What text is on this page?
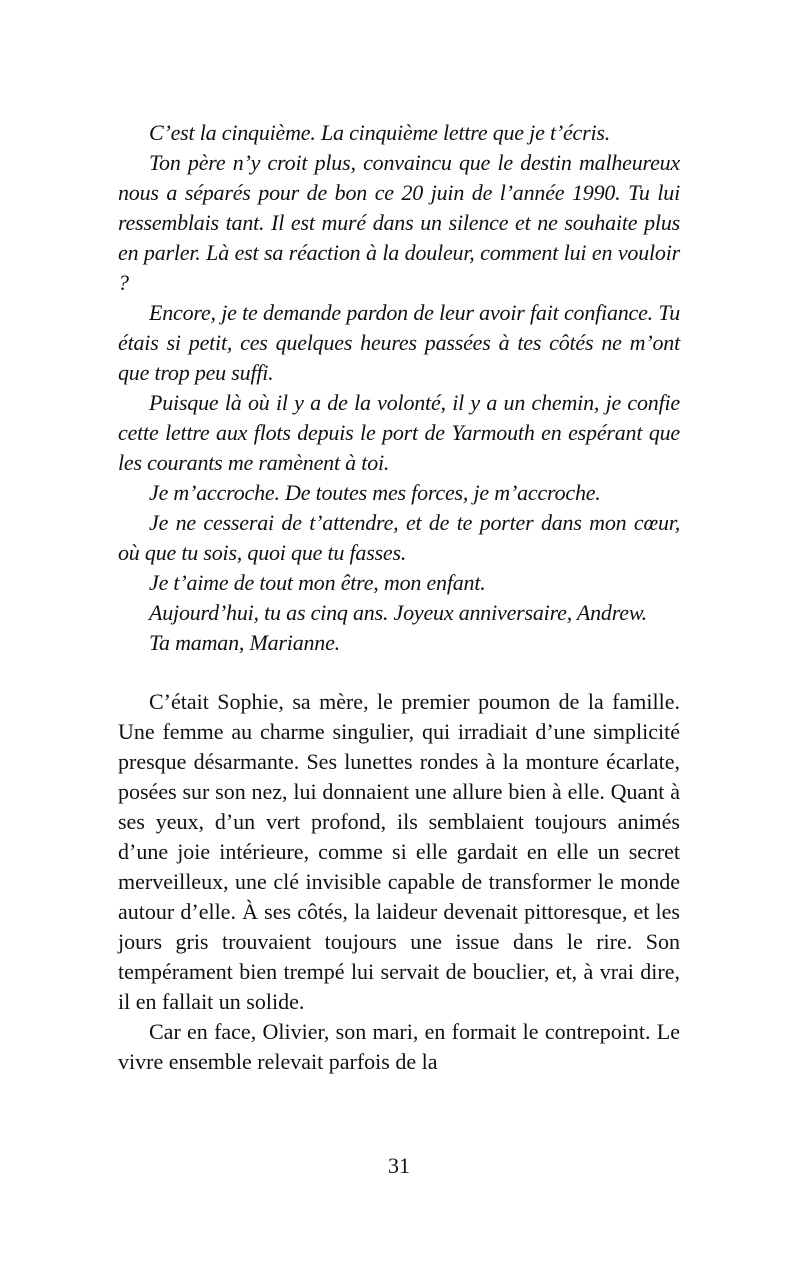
C’est la cinquième. La cinquième lettre que je t’écris.

Ton père n’y croit plus, convaincu que le destin malheureux nous a séparés pour de bon ce 20 juin de l’année 1990. Tu lui ressemblais tant. Il est muré dans un silence et ne souhaite plus en parler. Là est sa réaction à la douleur, comment lui en vouloir ?

Encore, je te demande pardon de leur avoir fait confiance. Tu étais si petit, ces quelques heures passées à tes côtés ne m’ont que trop peu suffi.

Puisque là où il y a de la volonté, il y a un chemin, je confie cette lettre aux flots depuis le port de Yarmouth en espérant que les courants me ramènent à toi.

Je m’accroche. De toutes mes forces, je m’accroche.

Je ne cesserai de t’attendre, et de te porter dans mon cœur, où que tu sois, quoi que tu fasses.

Je t’aime de tout mon être, mon enfant.

Aujourd’hui, tu as cinq ans. Joyeux anniversaire, Andrew.

Ta maman, Marianne.

C’était Sophie, sa mère, le premier poumon de la famille. Une femme au charme singulier, qui irradiait d’une simplicité presque désarmante. Ses lunettes rondes à la monture écarlate, posées sur son nez, lui donnaient une allure bien à elle. Quant à ses yeux, d’un vert profond, ils semblaient toujours animés d’une joie intérieure, comme si elle gardait en elle un secret merveilleux, une clé invisible capable de transformer le monde autour d’elle. À ses côtés, la laideur devenait pittoresque, et les jours gris trouvaient toujours une issue dans le rire. Son tempérament bien trempé lui servait de bouclier, et, à vrai dire, il en fallait un solide.

Car en face, Olivier, son mari, en formait le contrepoint. Le vivre ensemble relevait parfois de la

31
